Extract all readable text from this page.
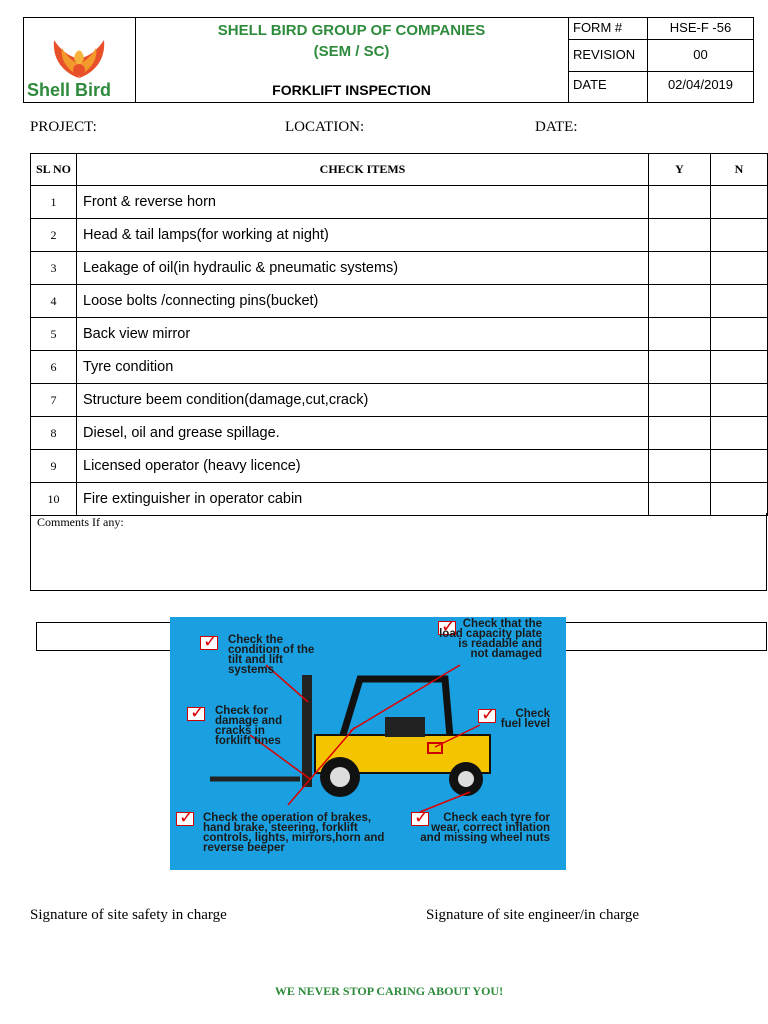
Shell Bird
SHELL BIRD GROUP OF COMPANIES
(SEM / SC)
FORKLIFT INSPECTION
FORM #	HSE-F -56
REVISION	00
DATE	02/04/2019
PROJECT:	LOCATION:	DATE:
SL NO	CHECK ITEMS	Y	N
1	Front & reverse horn		
2	Head & tail lamps(for working at night)		
3	Leakage of oil(in hydraulic & pneumatic systems)		
4	Loose bolts /connecting pins(bucket)		
5	Back view mirror		
6	Tyre condition		
7	Structure beem condition(damage,cut,crack)		
8	Diesel, oil and grease spillage.		
9	Licensed operator (heavy licence)		
10	Fire extinguisher in operator cabin		
Comments If any:
✓
Check the condition of the tilt and lift systems
✓
Check that the load capacity plate is readable and not damaged
✓
Check for damage and cracks in forklift tines
✓
Check fuel level
✓
Check the operation of brakes, hand brake, steering, forklift controls, lights, mirrors,horn and reverse beeper
✓
Check each tyre for wear, correct inflation and missing wheel nuts
Signature of site safety in charge	Signature of site engineer/in charge
WE NEVER STOP CARING ABOUT YOU!
